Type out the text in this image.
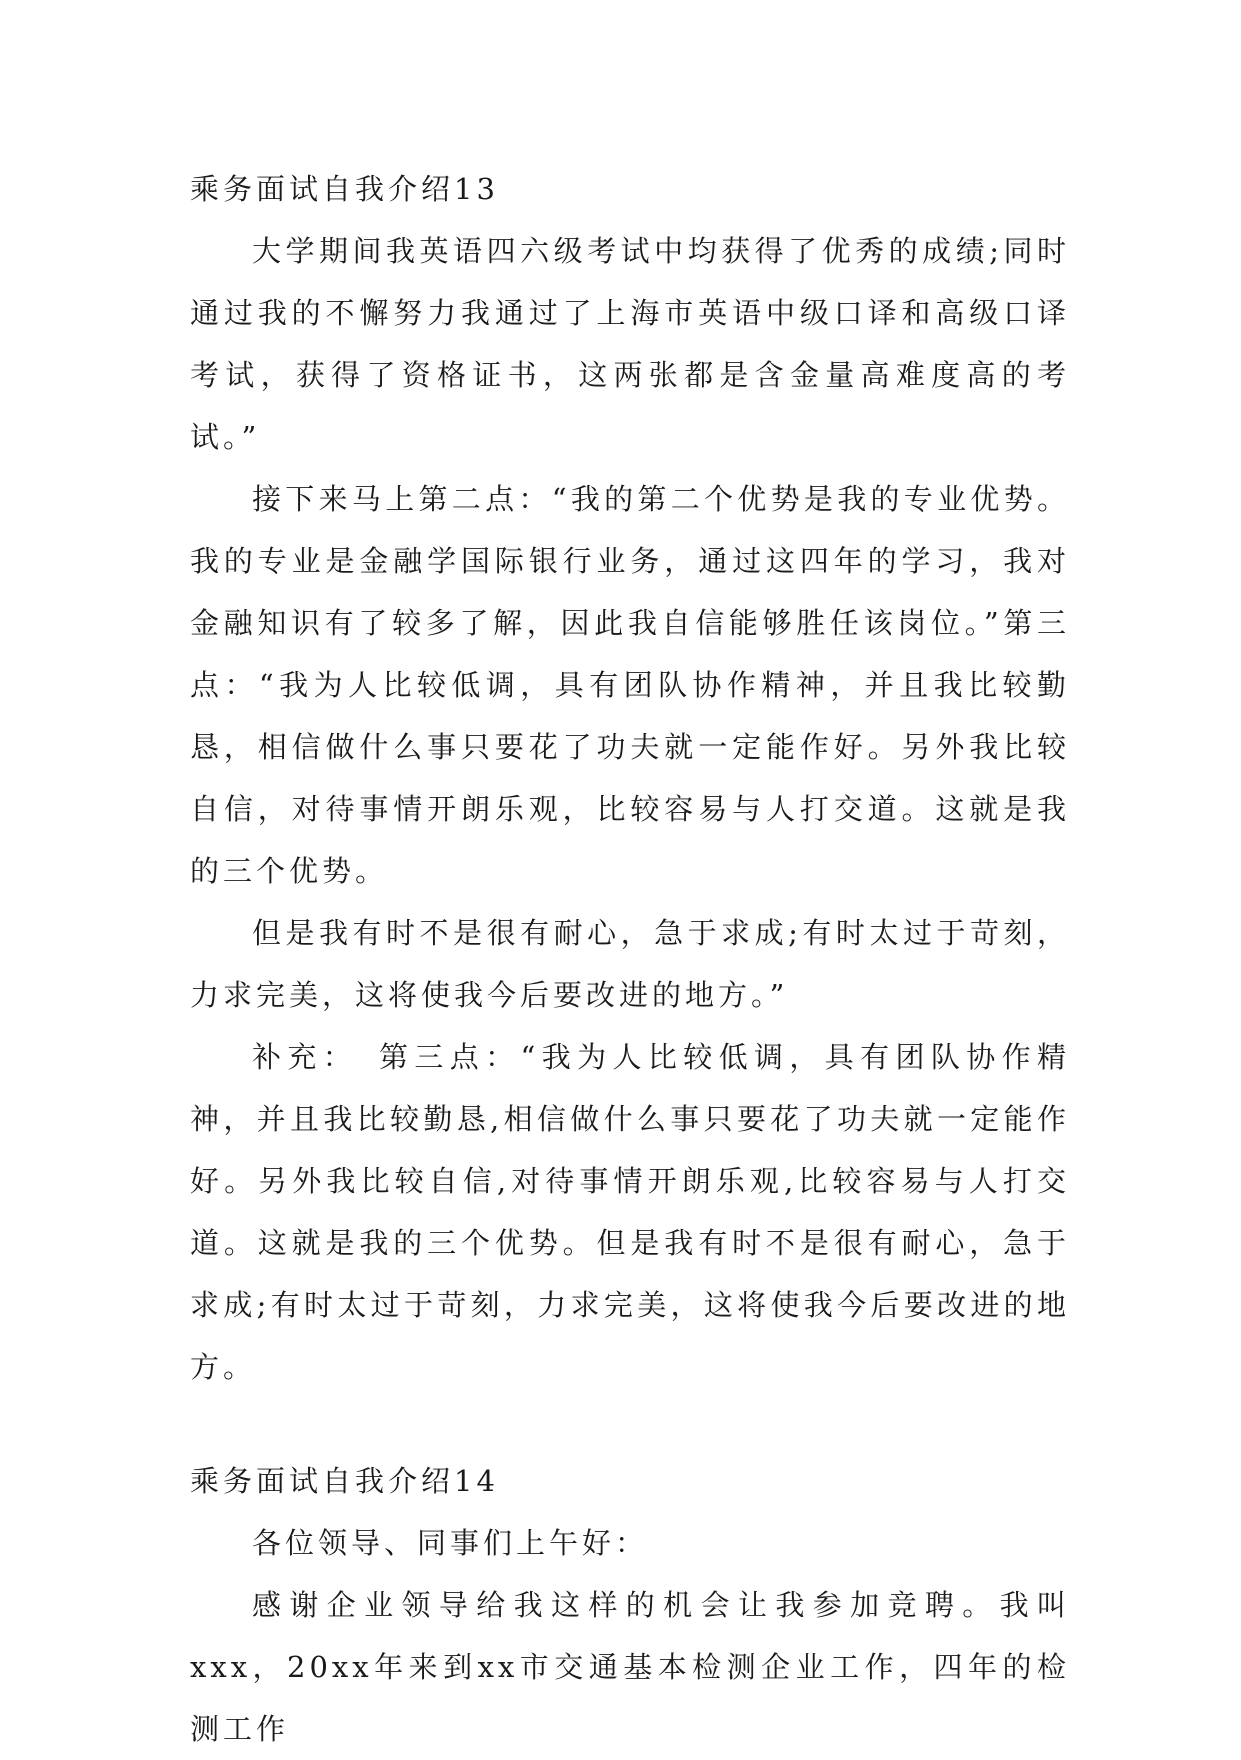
乘务面试自我介绍13

大学期间我英语四六级考试中均获得了优秀的成绩;同时通过我的不懈努力我通过了上海市英语中级口译和高级口译考试，获得了资格证书，这两张都是含金量高难度高的考试。”

接下来马上第二点：“我的第二个优势是我的专业优势。我的专业是金融学国际银行业务，通过这四年的学习，我对金融知识有了较多了解，因此我自信能够胜任该岗位。”第三点：“我为人比较低调，具有团队协作精神，并且我比较勤恳，相信做什么事只要花了功夫就一定能作好。另外我比较自信，对待事情开朗乐观，比较容易与人打交道。这就是我的三个优势。

但是我有时不是很有耐心，急于求成;有时太过于苛刻，力求完美，这将使我今后要改进的地方。”

补充：　第三点：“我为人比较低调，具有团队协作精神，并且我比较勤恳,相信做什么事只要花了功夫就一定能作好。另外我比较自信,对待事情开朗乐观,比较容易与人打交道。这就是我的三个优势。但是我有时不是很有耐心，急于求成;有时太过于苛刻，力求完美，这将使我今后要改进的地方。

乘务面试自我介绍14

各位领导、同事们上午好：

感谢企业领导给我这样的机会让我参加竞聘。我叫xxx，20xx年来到xx市交通基本检测企业工作，四年的检测工作
